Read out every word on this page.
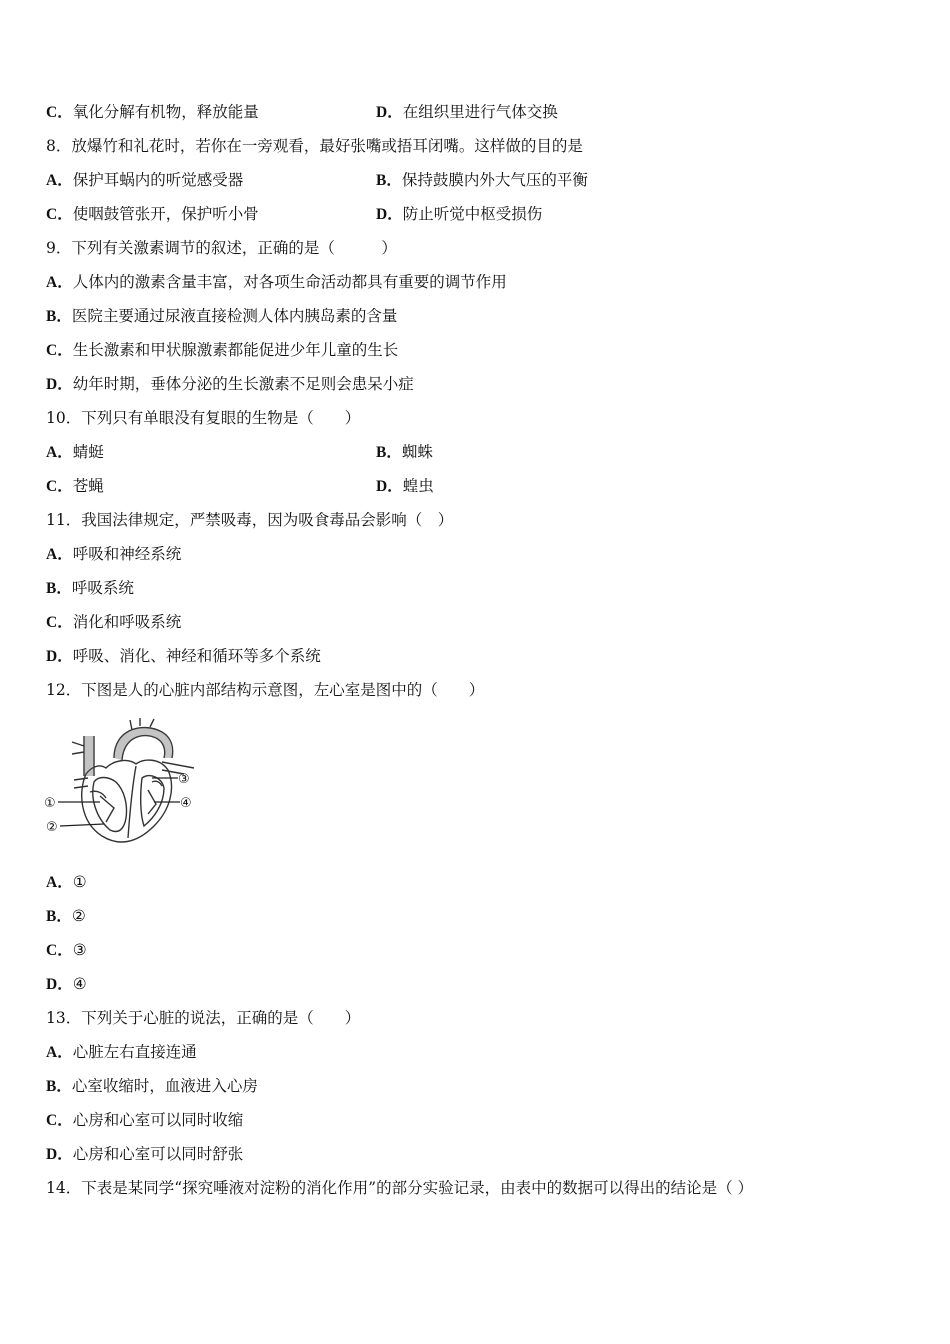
C．氧化分解有机物，释放能量	D．在组织里进行气体交换
8．放爆竹和礼花时，若你在一旁观看，最好张嘴或捂耳闭嘴。这样做的目的是
A．保护耳蜗内的听觉感受器	B．保持鼓膜内外大气压的平衡
C．使咽鼓管张开，保护听小骨	D．防止听觉中枢受损伤
9．下列有关激素调节的叙述，正确的是（　　　）
A．人体内的激素含量丰富，对各项生命活动都具有重要的调节作用
B．医院主要通过尿液直接检测人体内胰岛素的含量
C．生长激素和甲状腺激素都能促进少年儿童的生长
D．幼年时期，垂体分泌的生长激素不足则会患呆小症
10．下列只有单眼没有复眼的生物是（　　）
A．蜻蜓	B．蜘蛛
C．苍蝇	D．蝗虫
11．我国法律规定，严禁吸毒，因为吸食毒品会影响（　）
A．呼吸和神经系统
B．呼吸系统
C．消化和呼吸系统
D．呼吸、消化、神经和循环等多个系统
12．下图是人的心脏内部结构示意图，左心室是图中的（　　）
①
②
③
④
A．①
B．②
C．③
D．④
13．下列关于心脏的说法，正确的是（　　）
A．心脏左右直接连通
B．心室收缩时，血液进入心房
C．心房和心室可以同时收缩
D．心房和心室可以同时舒张
14．下表是某同学“探究唾液对淀粉的消化作用”的部分实验记录，由表中的数据可以得出的结论是（ ）
